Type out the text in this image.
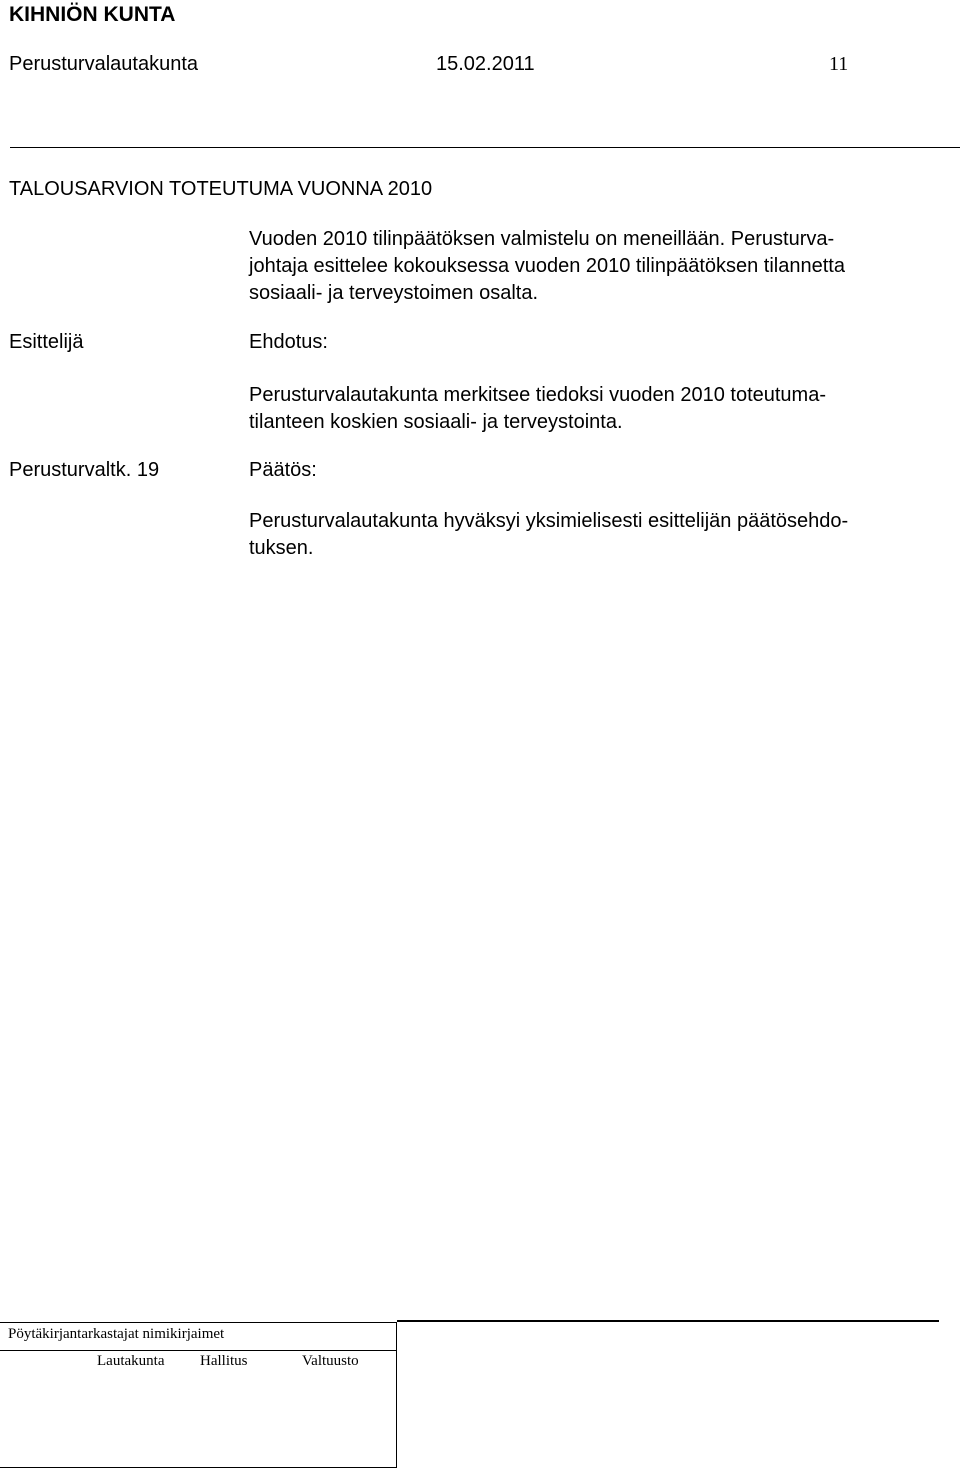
KIHNIÖN KUNTA
Perusturvalautakunta	15.02.2011	11
TALOUSARVION TOTEUTUMA VUONNA 2010
Vuoden 2010 tilinpäätöksen valmistelu on meneillään. Perusturva-
johtaja esittelee kokouksessa vuoden 2010 tilinpäätöksen tilannetta
sosiaali- ja terveystoimen osalta.
Esittelijä	Ehdotus:
Perusturvalautakunta merkitsee tiedoksi vuoden 2010 toteutuma-
tilanteen koskien sosiaali- ja terveystointa.
Perusturvaltk. 19	Päätös:
Perusturvalautakunta hyväksyi yksimielisesti esittelijän päätösehdo-
tuksen.
Pöytäkirjantarkastajat nimikirjaimet
Lautakunta Hallitus	Valtuusto
